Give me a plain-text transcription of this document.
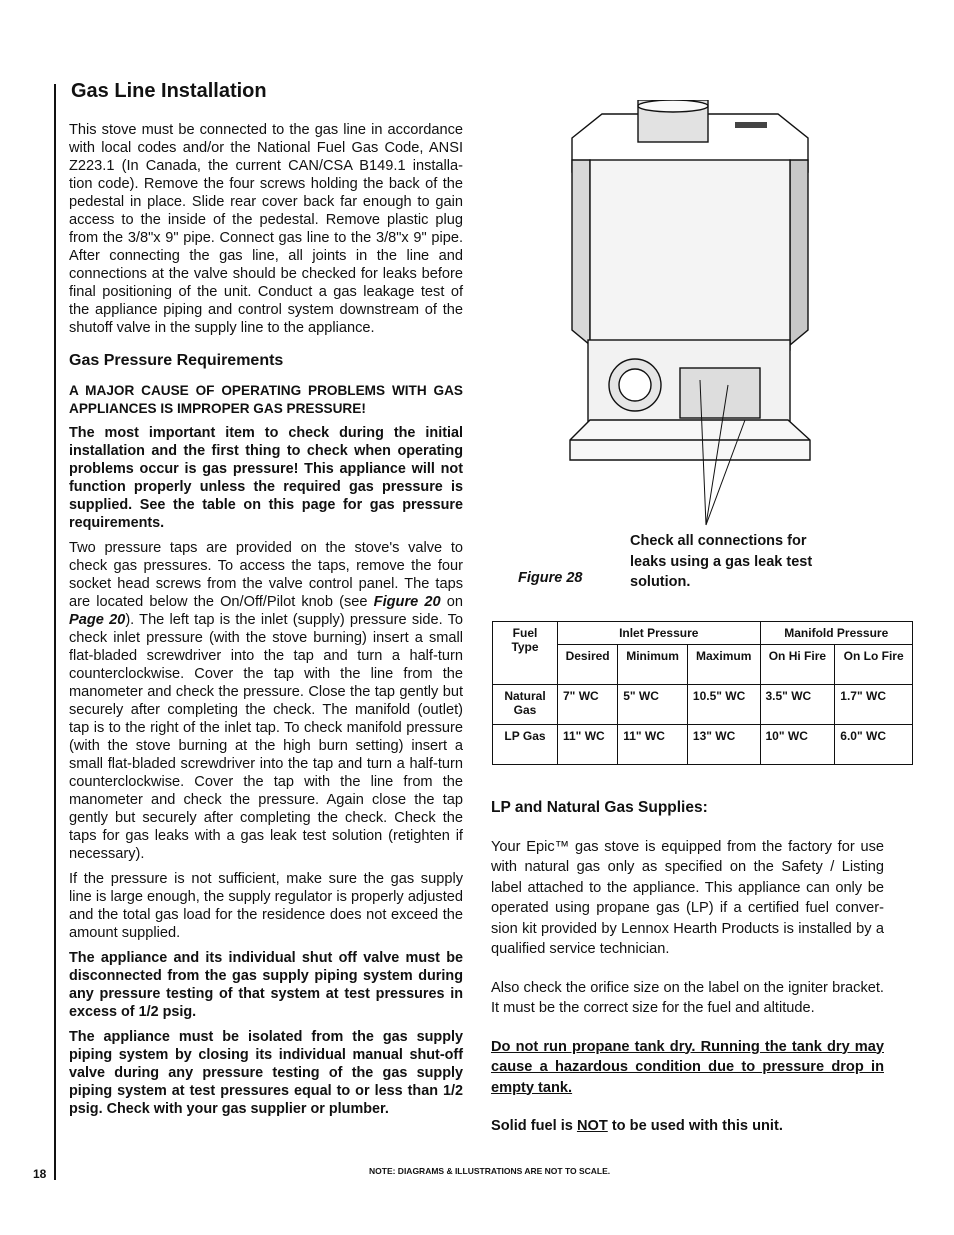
Gas Line Installation

This stove must be connected to the gas line in accordance with local codes and/or the National Fuel Gas Code, ANSI Z223.1 (In Canada, the current CAN/CSA B149.1 installa-tion code). Remove the four screws holding the back of the pedestal in place. Slide rear cover back far enough to gain access to the inside of the pedestal. Remove plastic plug from the 3/8"x 9" pipe. Connect gas line to the 3/8"x 9" pipe. After connecting the gas line, all joints in the line and connections at the valve should be checked for leaks before final positioning of the unit. Conduct a gas leakage test of the appliance piping and control system downstream of the shutoff valve in the supply line to the appliance.

Gas Pressure Requirements

A MAJOR CAUSE OF OPERATING PROBLEMS WITH GAS APPLIANCES IS IMPROPER GAS PRESSURE!

The most important item to check during the initial installation and the first thing to check when operating problems occur is gas pressure! This appliance will not function properly unless the required gas pressure is supplied. See the table on this page for gas pressure requirements.

Two pressure taps are provided on the stove's valve to check gas pressures. To access the taps, remove the four socket head screws from the valve control panel. The taps are located below the On/Off/Pilot knob (see Figure 20 on Page 20). The left tap is the inlet (supply) pressure side. To check inlet pressure (with the stove burning) insert a small flat-bladed screwdriver into the tap and turn a half-turn counterclockwise. Cover the tap with the line from the manometer and check the pressure. Close the tap gently but securely after completing the check. The manifold (outlet) tap is to the right of the inlet tap. To check manifold pressure (with the stove burning at the high burn setting) insert a small flat-bladed screwdriver into the tap and turn a half-turn counterclockwise. Cover the tap with the line from the manometer and check the pressure. Again close the tap gently but securely after completing the check. Check the taps for gas leaks with a gas leak test solution (retighten if necessary).

If the pressure is not sufficient, make sure the gas supply line is large enough, the supply regulator is properly adjusted and the total gas load for the residence does not exceed the amount supplied.

The appliance and its individual shut off valve must be disconnected from the gas supply piping system during any pressure testing of that system at test pressures in excess of 1/2 psig.

The appliance must be isolated from the gas supply piping system by closing its individual manual shut-off valve during any pressure testing of the gas supply piping system at test pressures equal to or less than 1/2 psig. Check with your gas supplier or plumber.

Figure 28
Check all connections for leaks using a gas leak test solution.
Fuel Type	Inlet Pressure			Manifold Pressure	
	Desired	Minimum	Maximum	On Hi Fire	On Lo Fire
Natural Gas	7" WC	5" WC	10.5" WC	3.5" WC	1.7" WC
LP Gas	11" WC	11" WC	13" WC	10" WC	6.0" WC
LP and Natural Gas Supplies:

Your Epic™ gas stove is equipped from the factory for use with natural gas only as specified on the Safety / Listing label attached to the appliance. This appliance can only be operated using propane gas (LP) if a certified fuel conver-sion kit provided by Lennox Hearth Products is installed by a qualified service technician.

Also check the orifice size on the label on the igniter bracket. It must be the correct size for the fuel and altitude.

Do not run propane tank dry. Running the tank dry may cause a hazardous condition due to pressure drop in empty tank.

Solid fuel is NOT to be used with this unit.

18	NOTE: DIAGRAMS & ILLUSTRATIONS ARE NOT TO SCALE.
